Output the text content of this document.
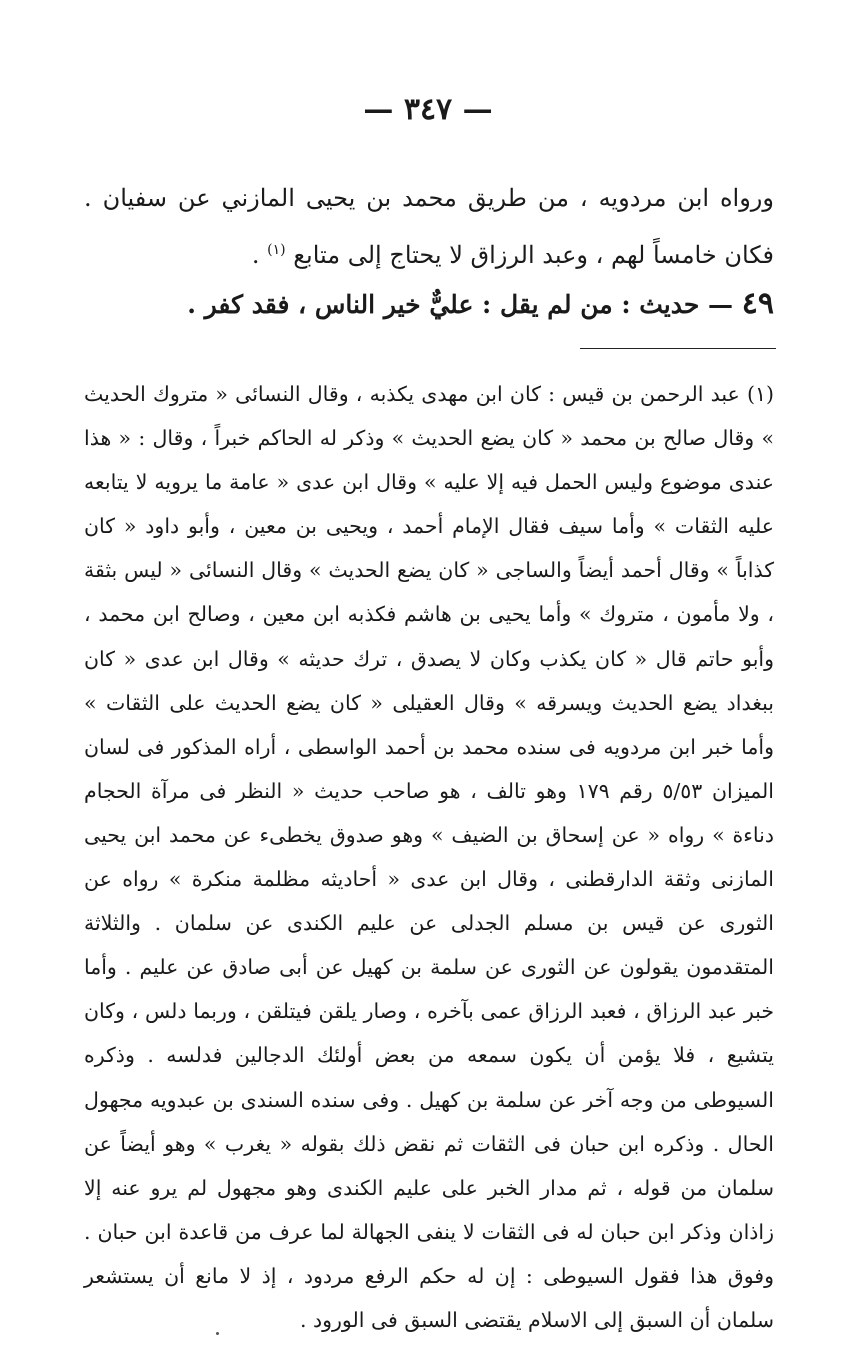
— ٣٤٧ —

ورواه ابن مردويه ، من طريق محمد بن يحيى المازني عن سفيان . فكان خامساً لهم ، وعبد الرزاق لا يحتاج إلى متابع $^{(١)}$ .

٤٩ — حديث : من لم يقل : عليٌّ خير الناس ، فقد كفر .

(١) عبد الرحمن بن قيس : كان ابن مهدى يكذبه ، وقال النسائى « متروك الحديث » وقال صالح بن محمد « كان يضع الحديث » وذكر له الحاكم خبراً ، وقال : « هذا عندى موضوع وليس الحمل فيه إلا عليه » وقال ابن عدى « عامة ما يرويه لا يتابعه عليه الثقات » وأما سيف فقال الإمام أحمد ، ويحيى بن معين ، وأبو داود « كان كذاباً » وقال أحمد أيضاً والساجى « كان يضع الحديث » وقال النسائى « ليس بثقة ، ولا مأمون ، متروك » وأما يحيى بن هاشم فكذبه ابن معين ، وصالح ابن محمد ، وأبو حاتم قال « كان يكذب وكان لا يصدق ، ترك حديثه » وقال ابن عدى « كان ببغداد يضع الحديث ويسرقه » وقال العقيلى « كان يضع الحديث على الثقات » وأما خبر ابن مردويه فى سنده محمد بن أحمد الواسطى ، أراه المذكور فى لسان الميزان ٥/٥٣ رقم ١٧٩ وهو تالف ، هو صاحب حديث « النظر فى مرآة الحجام دناءة » رواه « عن إسحاق بن الضيف » وهو صدوق يخطىء عن محمد ابن يحيى المازنى وثقة الدارقطنى ، وقال ابن عدى « أحاديثه مظلمة منكرة » رواه عن الثورى عن قيس بن مسلم الجدلى عن عليم الكندى عن سلمان . والثلاثة المتقدمون يقولون عن الثورى عن سلمة بن كهيل عن أبى صادق عن عليم . وأما خبر عبد الرزاق ، فعبد الرزاق عمى بآخره ، وصار يلقن فيتلقن ، وربما دلس ، وكان يتشيع ، فلا يؤمن أن يكون سمعه من بعض أولئك الدجالين فدلسه . وذكره السيوطى من وجه آخر عن سلمة بن كهيل . وفى سنده السندى بن عبدويه مجهول الحال . وذكره ابن حبان فى الثقات ثم نقض ذلك بقوله « يغرب » وهو أيضاً عن سلمان من قوله ، ثم مدار الخبر على عليم الكندى وهو مجهول لم يرو عنه إلا زاذان وذكر ابن حبان له فى الثقات لا ينفى الجهالة لما عرف من قاعدة ابن حبان . وفوق هذا فقول السيوطى : إن له حكم الرفع مردود ، إذ لا مانع أن يستشعر سلمان أن السبق إلى الاسلام يقتضى السبق فى الورود .
